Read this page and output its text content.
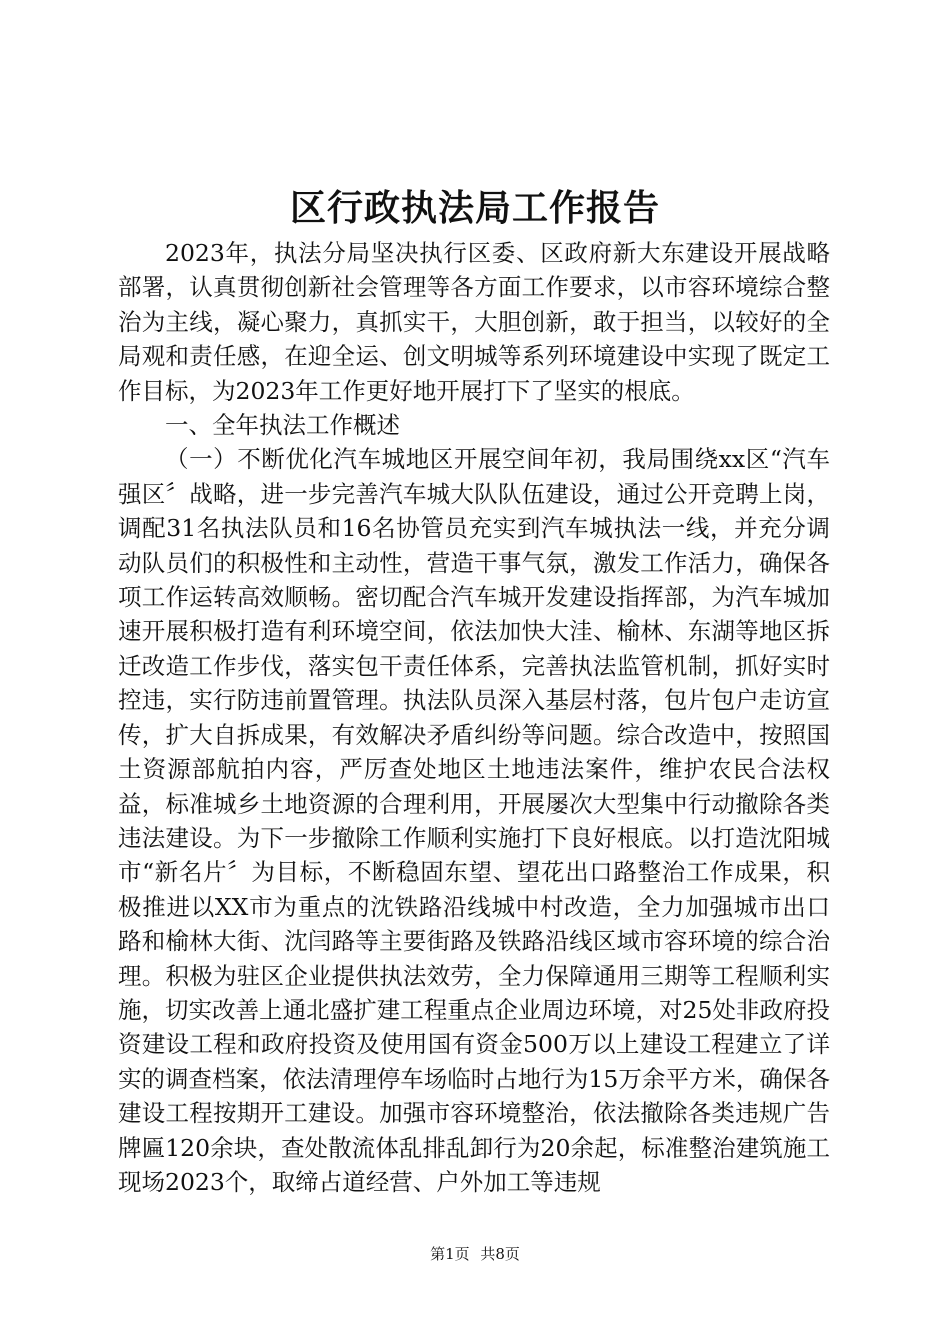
区行政执法局工作报告

2023年，执法分局坚决执行区委、区政府新大东建设开展战略部署，认真贯彻创新社会管理等各方面工作要求，以市容环境综合整治为主线，凝心聚力，真抓实干，大胆创新，敢于担当，以较好的全局观和责任感，在迎全运、创文明城等系列环境建设中实现了既定工作目标，为2023年工作更好地开展打下了坚实的根底。

一、全年执法工作概述

（一）不断优化汽车城地区开展空间年初，我局围绕xx区“汽车强区〞战略，进一步完善汽车城大队队伍建设，通过公开竞聘上岗，调配31名执法队员和16名协管员充实到汽车城执法一线，并充分调动队员们的积极性和主动性，营造干事气氛，激发工作活力，确保各项工作运转高效顺畅。密切配合汽车城开发建设指挥部，为汽车城加速开展积极打造有利环境空间，依法加快大洼、榆林、东湖等地区拆迁改造工作步伐，落实包干责任体系，完善执法监管机制，抓好实时控违，实行防违前置管理。执法队员深入基层村落，包片包户走访宣传，扩大自拆成果，有效解决矛盾纠纷等问题。综合改造中，按照国土资源部航拍内容，严厉查处地区土地违法案件，维护农民合法权益，标准城乡土地资源的合理利用，开展屡次大型集中行动撤除各类违法建设。为下一步撤除工作顺利实施打下良好根底。以打造沈阳城市“新名片〞为目标，不断稳固东望、望花出口路整治工作成果，积极推进以XX市为重点的沈铁路沿线城中村改造，全力加强城市出口路和榆林大街、沈闫路等主要街路及铁路沿线区域市容环境的综合治理。积极为驻区企业提供执法效劳，全力保障通用三期等工程顺利实施，切实改善上通北盛扩建工程重点企业周边环境，对25处非政府投资建设工程和政府投资及使用国有资金500万以上建设工程建立了详实的调查档案，依法清理停车场临时占地行为15万余平方米，确保各建设工程按期开工建设。加强市容环境整治，依法撤除各类违规广告牌匾120余块，查处散流体乱排乱卸行为20余起，标准整治建筑施工现场2023个，取缔占道经营、户外加工等违规

第1页 共8页
